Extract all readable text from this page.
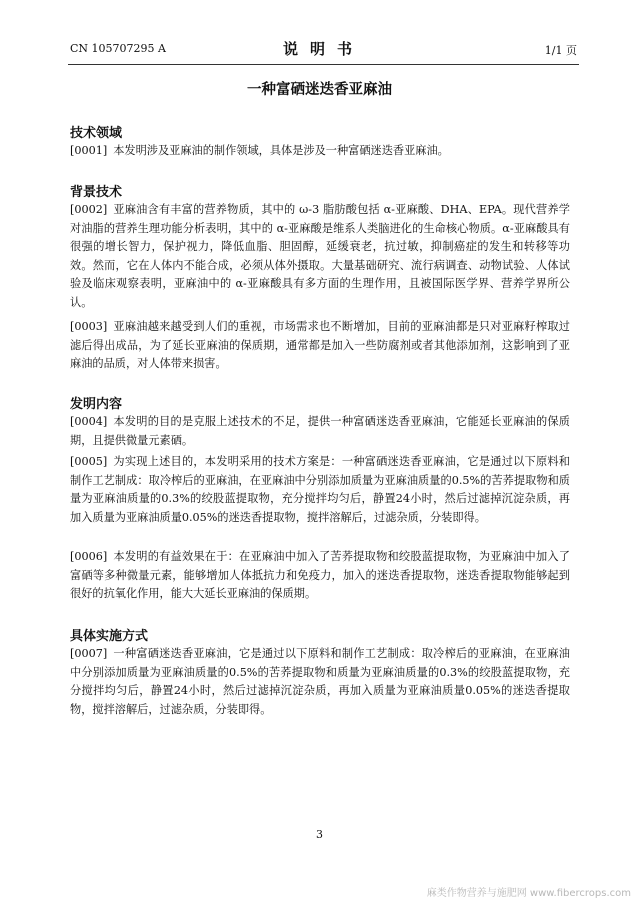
CN 105707295 A	说明书	1/1 页
一种富硒迷迭香亚麻油
技术领域
[0001] 本发明涉及亚麻油的制作领域，具体是涉及一种富硒迷迭香亚麻油。
背景技术
[0002] 亚麻油含有丰富的营养物质，其中的 ω-3 脂肪酸包括 α-亚麻酸、DHA、EPA。现代营养学对油脂的营养生理功能分析表明，其中的 α-亚麻酸是维系人类脑进化的生命核心物质。α-亚麻酸具有很强的增长智力，保护视力，降低血脂、胆固醇，延缓衰老，抗过敏，抑制癌症的发生和转移等功效。然而，它在人体内不能合成，必须从体外摄取。大量基础研究、流行病调查、动物试验、人体试验及临床观察表明，亚麻油中的 α-亚麻酸具有多方面的生理作用，且被国际医学界、营养学界所公认。
[0003] 亚麻油越来越受到人们的重视，市场需求也不断增加，目前的亚麻油都是只对亚麻籽榨取过滤后得出成品，为了延长亚麻油的保质期，通常都是加入一些防腐剂或者其他添加剂，这影响到了亚麻油的品质，对人体带来损害。
发明内容
[0004] 本发明的目的是克服上述技术的不足，提供一种富硒迷迭香亚麻油，它能延长亚麻油的保质期，且提供微量元素硒。
[0005] 为实现上述目的，本发明采用的技术方案是：一种富硒迷迭香亚麻油，它是通过以下原料和制作工艺制成：取冷榨后的亚麻油，在亚麻油中分别添加质量为亚麻油质量的0.5%的苦荞提取物和质量为亚麻油质量的0.3%的绞股蓝提取物，充分搅拌均匀后，静置24小时，然后过滤掉沉淀杂质，再加入质量为亚麻油质量0.05%的迷迭香提取物，搅拌溶解后，过滤杂质，分装即得。
[0006] 本发明的有益效果在于：在亚麻油中加入了苦荞提取物和绞股蓝提取物，为亚麻油中加入了富硒等多种微量元素，能够增加人体抵抗力和免疫力，加入的迷迭香提取物，迷迭香提取物能够起到很好的抗氧化作用，能大大延长亚麻油的保质期。
具体实施方式
[0007] 一种富硒迷迭香亚麻油，它是通过以下原料和制作工艺制成：取冷榨后的亚麻油，在亚麻油中分别添加质量为亚麻油质量的0.5%的苦荞提取物和质量为亚麻油质量的0.3%的绞股蓝提取物，充分搅拌均匀后，静置24小时，然后过滤掉沉淀杂质，再加入质量为亚麻油质量0.05%的迷迭香提取物，搅拌溶解后，过滤杂质，分装即得。
3
麻类作物营养与施肥网 www.fibercrops.com
